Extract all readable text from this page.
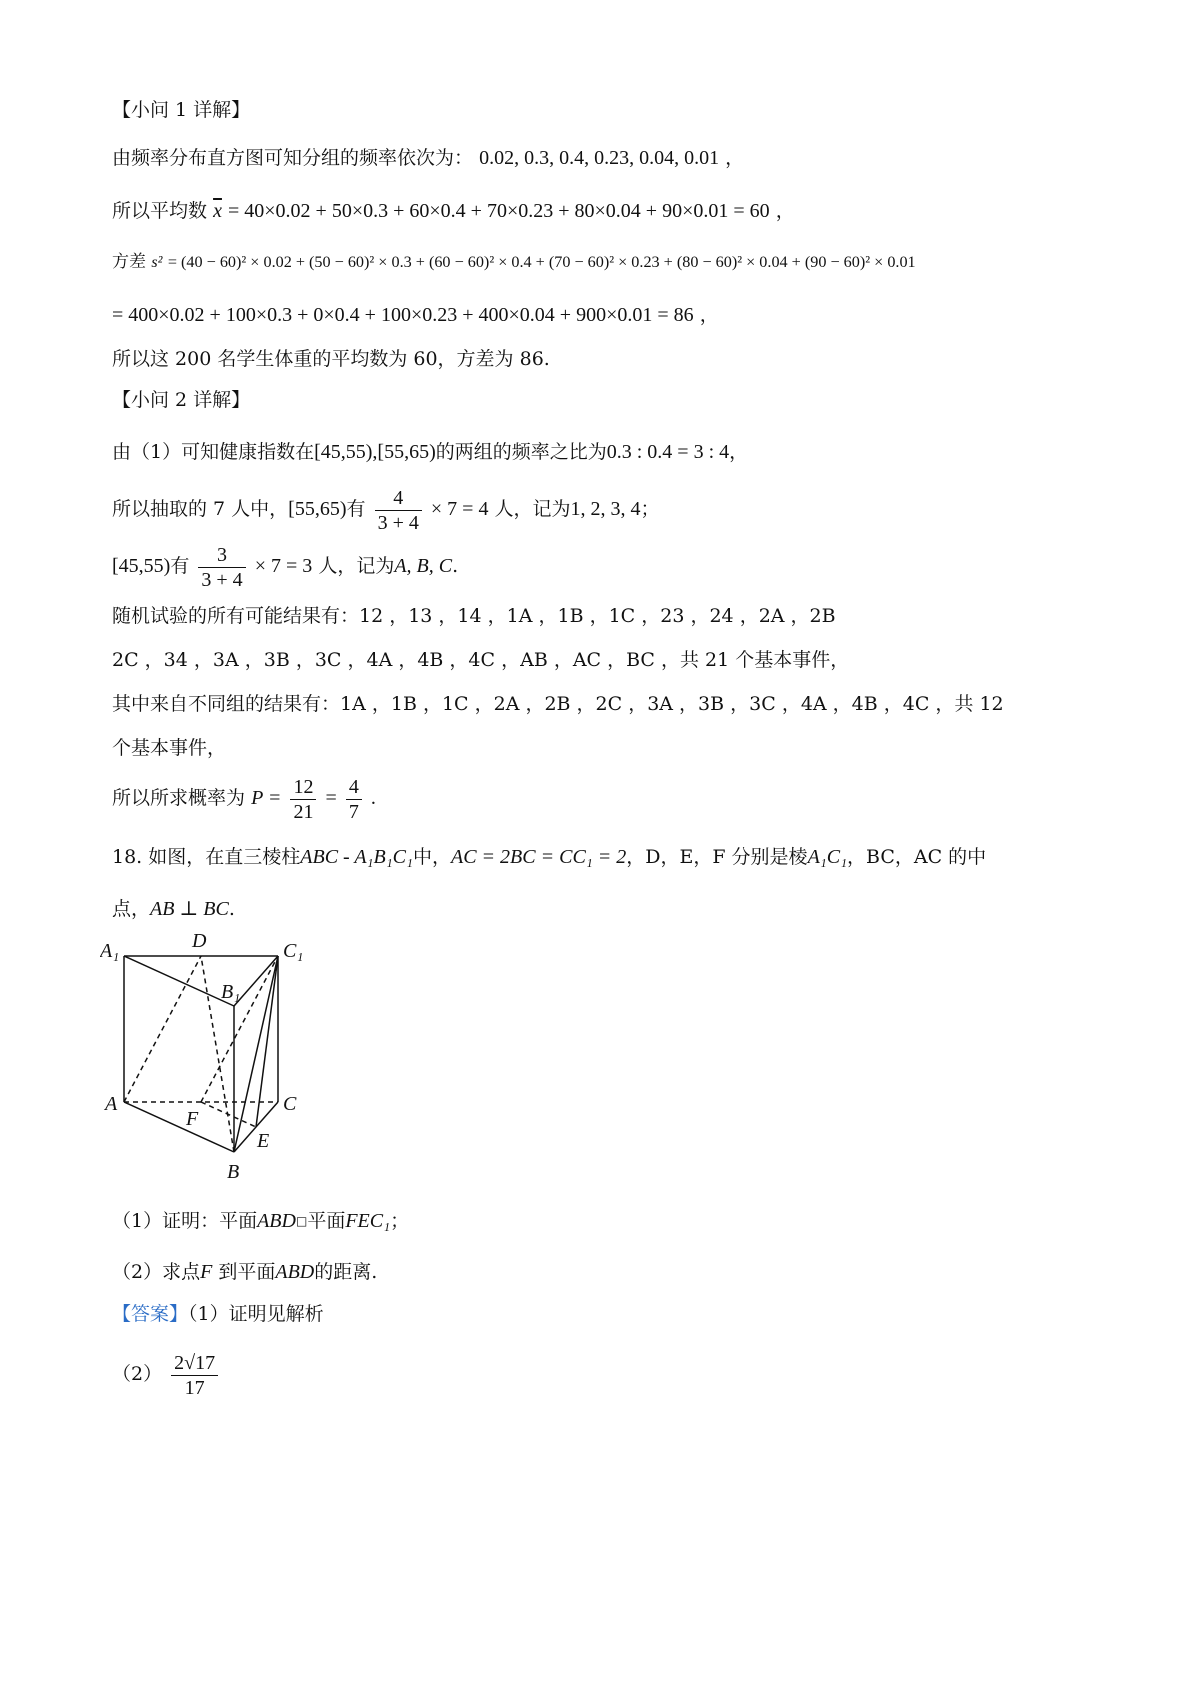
【小问 1 详解】
由频率分布直方图可知分组的频率依次为： 0.02, 0.3, 0.4, 0.23, 0.04, 0.01 ，
所以平均数 $\overline{x} = 40\times 0.02 + 50\times 0.3 + 60\times 0.4 + 70\times 0.23 + 80\times 0.04 + 90\times 0.01 = 60$ ，
方差 s² = (40 − 60)² × 0.02 + (50 − 60)² × 0.3 + (60 − 60)² × 0.4 + (70 − 60)² × 0.23 + (80 − 60)² × 0.04 + (90 − 60)² × 0.01
= 400×0.02 + 100×0.3 + 0×0.4 + 100×0.23 + 400×0.04 + 900×0.01 = 86 ，
所以这 200 名学生体重的平均数为 60，方差为 86.
【小问 2 详解】
由（1）可知健康指数在[45,55),[55,65)的两组的频率之比为0.3 : 0.4 = 3 : 4，
所以抽取的 7 人中，[55,65)有 $\frac{4}{3 + 4} \times 7 = 4$ 人，记为1, 2, 3, 4；
[45,55)有 $\frac{3}{3 + 4} \times 7 = 3$ 人，记为A, B, C.
随机试验的所有可能结果有：12 ，13 ，14 ，1A ，1B ，1C ，23 ，24 ，2A ，2B
2C ，34 ，3A ，3B ，3C ，4A ，4B ，4C ，AB ，AC ，BC ，共 21 个基本事件，
其中来自不同组的结果有：1A ，1B ，1C ，2A ，2B ，2C ，3A ，3B ，3C ，4A ，4B ，4C ，共 12
个基本事件，
所以所求概率为 $P = \frac{12}{21} = \frac{4}{7}$ .
18. 如图，在直三棱柱ABC - A₁B₁C₁中，AC = 2BC = CC₁ = 2，D，E，F 分别是棱A₁C₁，BC，AC 的中
点，AB ⊥ BC.
A₁	D	C₁
B₁
A	C
F
E
B
（1）证明：平面ABD□平面FEC₁；
（2）求点F 到平面ABD的距离.
【答案】（1）证明见解析
$(2) \frac{2√17}{17}$
